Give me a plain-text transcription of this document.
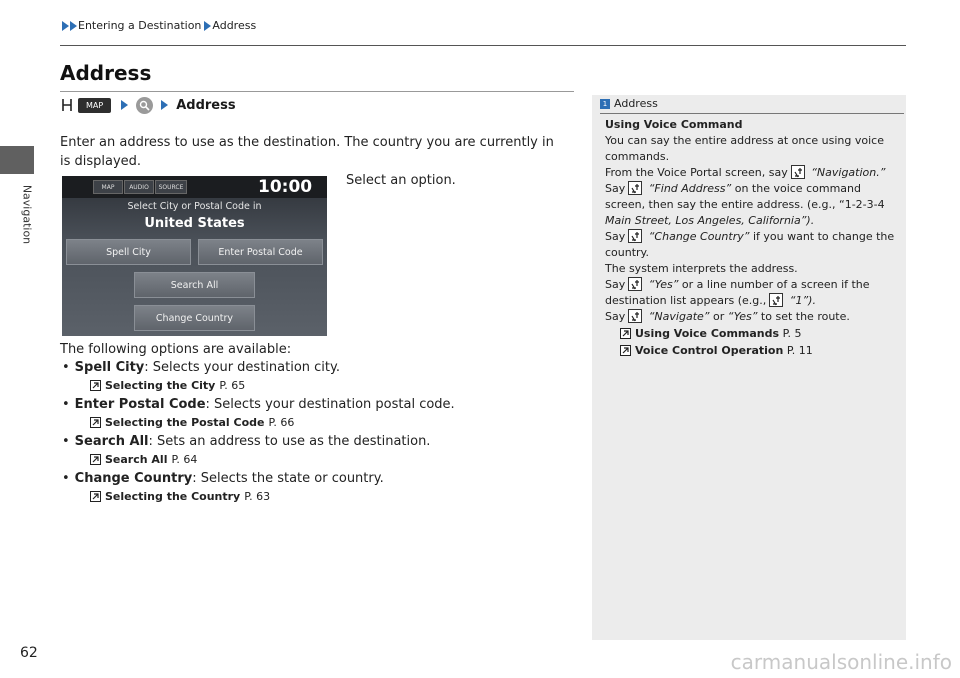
Navigation
Entering a Destination Address
Address
MAP	Address
Enter an address to use as the destination. The country you are currently in is displayed.
Select an option.
MAP	AUDIO	SOURCE	10:00
Select City or Postal Code in
United States
Spell City	Enter Postal Code
Search All
Change Country
The following options are available:
• Spell City: Selects your destination city.
Selecting the City P. 65
• Enter Postal Code: Selects your destination postal code.
Selecting the Postal Code P. 66
• Search All: Sets an address to use as the destination.
Search All P. 64
• Change Country: Selects the state or country.
Selecting the Country P. 63
1 Address
Using Voice Command
You can say the entire address at once using voice
commands.
From the Voice Portal screen, say “Navigation.”
Say “Find Address” on the voice command
screen, then say the entire address. (e.g., “1-2-3-4
Main Street, Los Angeles, California”).
Say “Change Country” if you want to change the
country.
The system interprets the address.
Say “Yes” or a line number of a screen if the
destination list appears (e.g., “1”).
Say “Navigate” or “Yes” to set the route.
Using Voice Commands P. 5
Voice Control Operation P. 11
62	carmanualsonline.info
